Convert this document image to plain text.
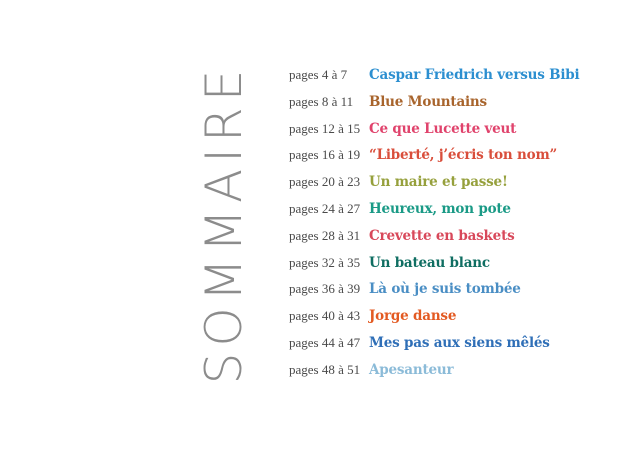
SOMMAIRE	pages 4 à 7	Caspar Friedrich versus Bibi
pages 8 à 11	Blue Mountains
pages 12 à 15 Ce que Lucette veut
pages 16 à 19 “Liberté, j’écris ton nom”
pages 20 à 23 Un maire et passe!
pages 24 à 27 Heureux, mon pote
pages 28 à 31 Crevette en baskets
pages 32 à 35 Un bateau blanc
pages 36 à 39 Là où je suis tombée
pages 40 à 43 Jorge danse
pages 44 à 47 Mes pas aux siens mêlés
pages 48 à 51 Apesanteur
